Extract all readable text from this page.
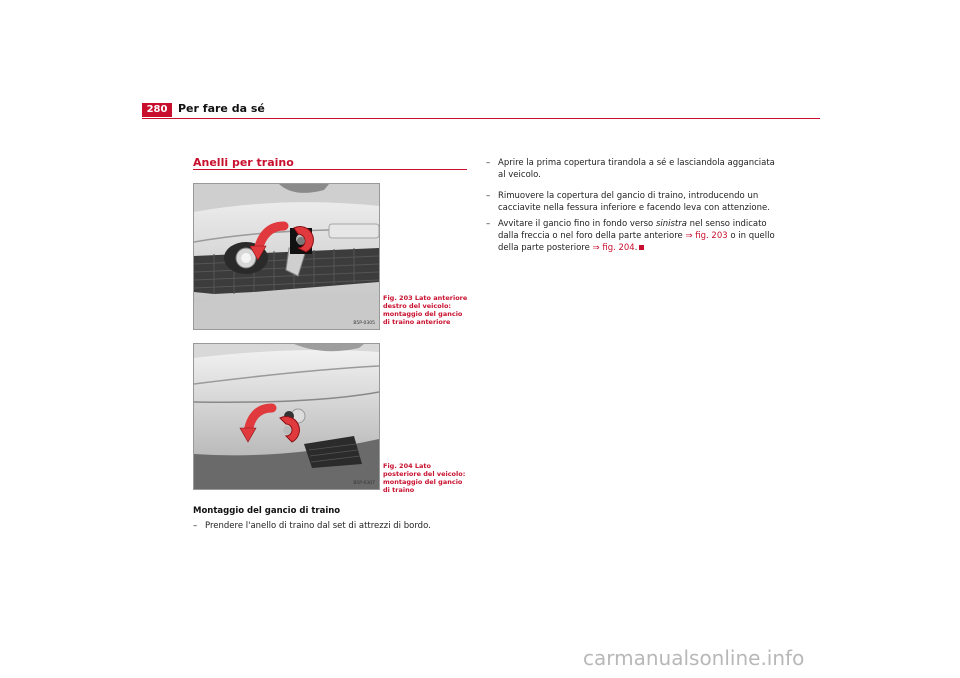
280 Per fare da sé
Anelli per traino
B5P-0305
Fig. 203 Lato anteriore destro del veicolo: montaggio del gancio di traino anteriore
B5P-0307
Fig. 204 Lato posteriore del veicolo: montaggio del gancio di traino
Montaggio del gancio di traino
– Prendere l'anello di traino dal set di attrezzi di bordo.
– Aprire la prima copertura tirandola a sé e lasciandola agganciata al veicolo.
– Rimuovere la copertura del gancio di traino, introducendo un cacciavite nella fessura inferiore e facendo leva con attenzione.
– Avvitare il gancio fino in fondo verso sinistra nel senso indicato dalla freccia o nel foro della parte anteriore ⇒ fig. 203 o in quello della parte posteriore ⇒ fig. 204.
carmanualsonline.info
